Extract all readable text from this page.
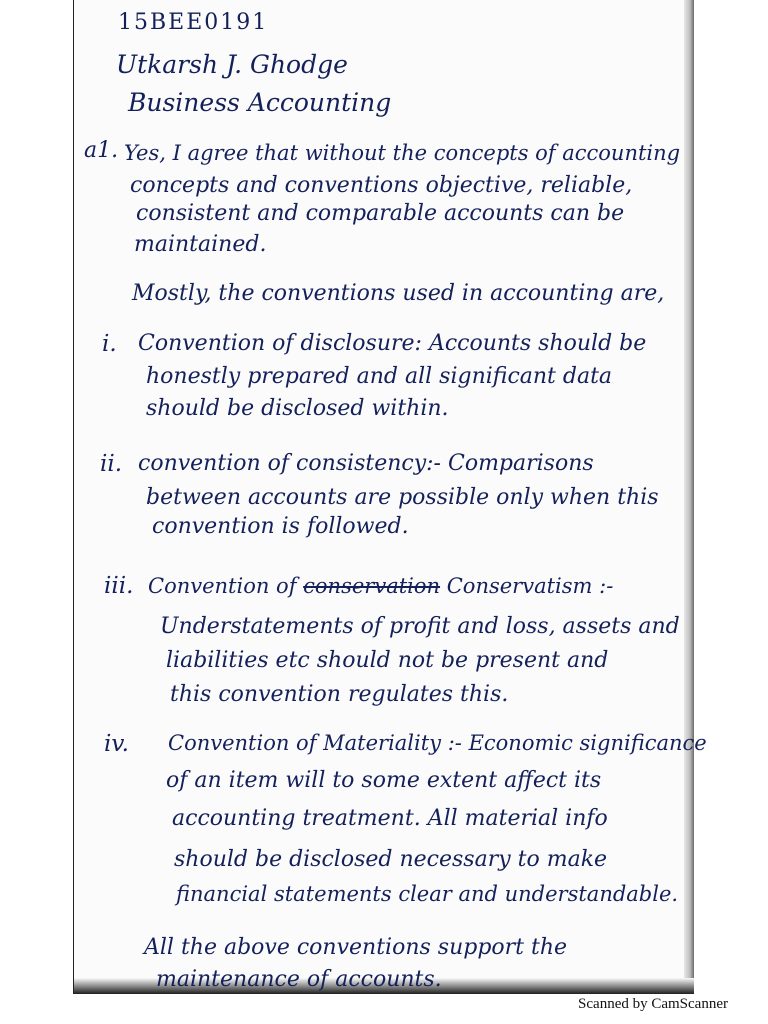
15BEE0191
Utkarsh J. Ghodge
Business Accounting
a1. Yes, I agree that without the concepts of accounting
concepts and conventions objective, reliable,
consistent and comparable accounts can be
maintained.
Mostly, the conventions used in accounting are,
i. Convention of disclosure: Accounts should be
honestly prepared and all significant data
should be disclosed within.
ii. convention of consistency:- Comparisons
between accounts are possible only when this
convention is followed.
iii. Convention of conservation Conservatism :-
Understatements of profit and loss, assets and
liabilities etc should not be present and
this convention regulates this.
iv. Convention of Materiality :- Economic significance
of an item will to some extent affect its
accounting treatment. All material info
should be disclosed necessary to make
financial statements clear and understandable.
All the above conventions support the
maintenance of accounts.
Scanned by CamScanner
